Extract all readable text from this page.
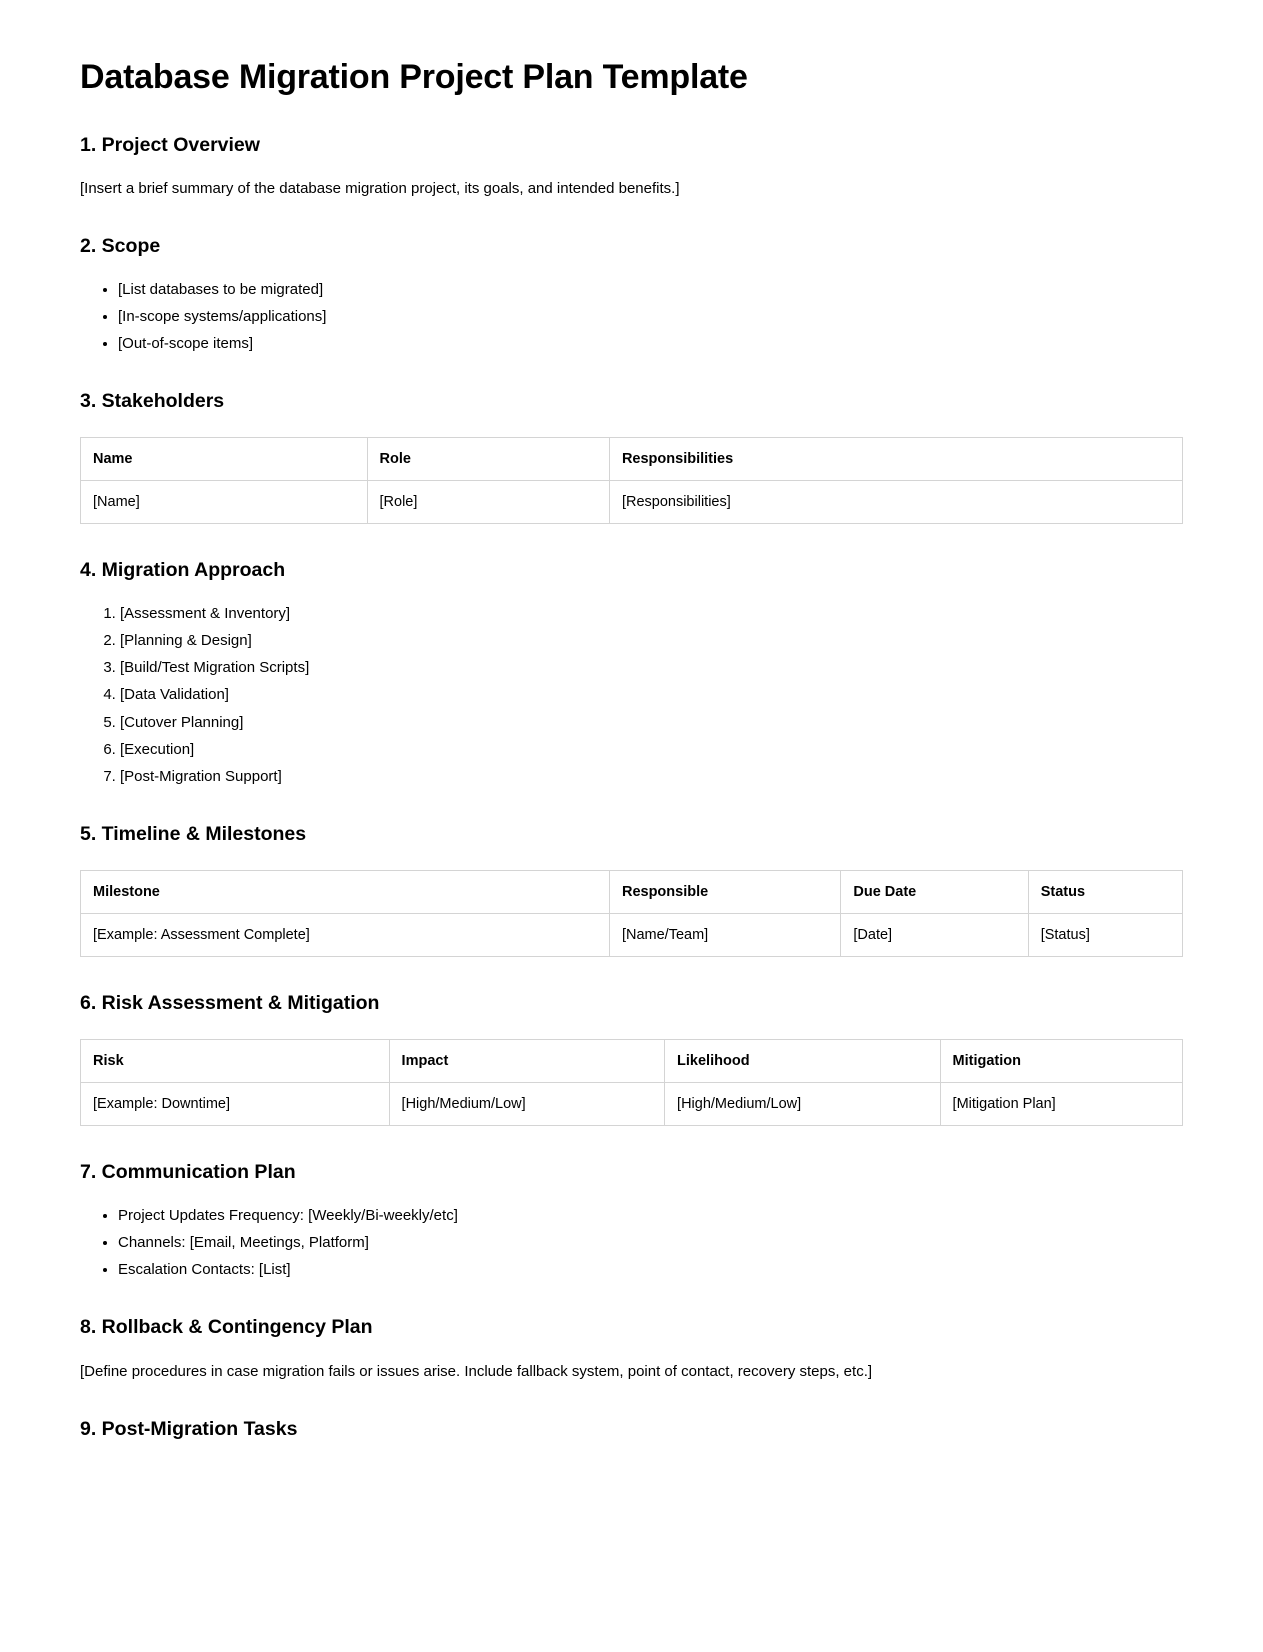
Database Migration Project Plan Template
1. Project Overview

[Insert a brief summary of the database migration project, its goals, and intended benefits.]

2. Scope
• [List databases to be migrated]
• [In-scope systems/applications]
• [Out-of-scope items]
3. Stakeholders
Name	Role	Responsibilities
[Name]	[Role]	[Responsibilities]
4. Migration Approach
1. [Assessment & Inventory]
2. [Planning & Design]
3. [Build/Test Migration Scripts]
4. [Data Validation]
5. [Cutover Planning]
6. [Execution]
7. [Post-Migration Support]
5. Timeline & Milestones
Milestone	Responsible	Due Date	Status
[Example: Assessment Complete]	[Name/Team]	[Date]	[Status]
6. Risk Assessment & Mitigation
Risk	Impact	Likelihood	Mitigation
[Example: Downtime]	[High/Medium/Low]	[High/Medium/Low]	[Mitigation Plan]
7. Communication Plan
• Project Updates Frequency: [Weekly/Bi-weekly/etc]
• Channels: [Email, Meetings, Platform]
• Escalation Contacts: [List]
8. Rollback & Contingency Plan

[Define procedures in case migration fails or issues arise. Include fallback system, point of contact, recovery steps, etc.]

9. Post-Migration Tasks
